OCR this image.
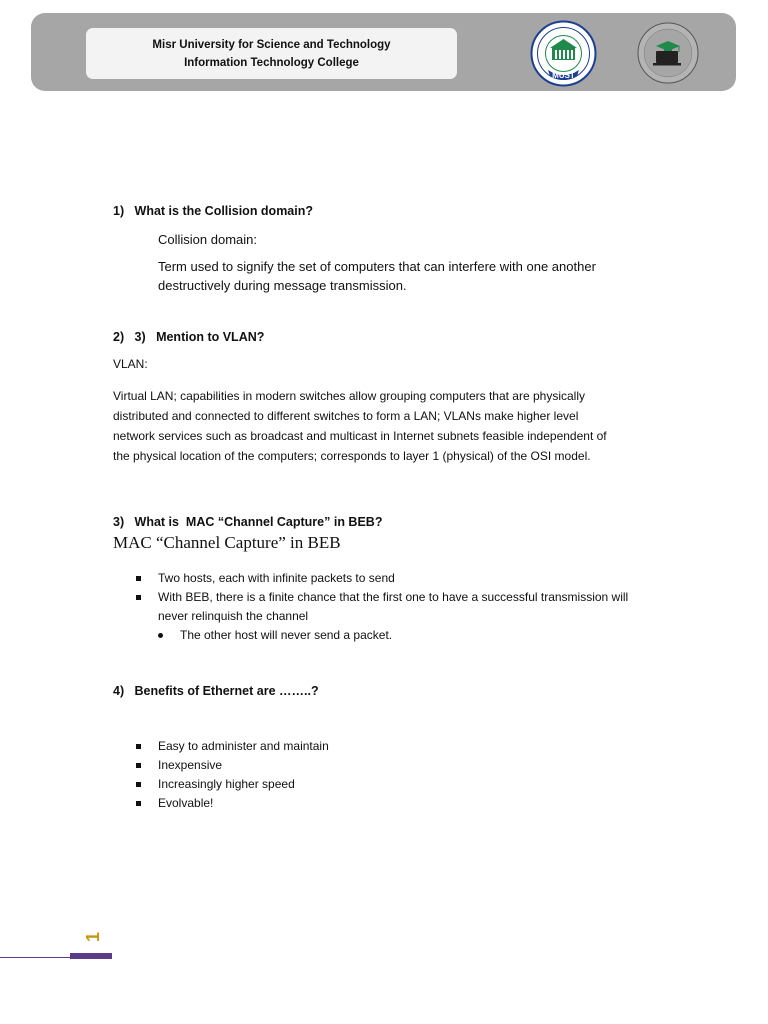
Misr University for Science and Technology
Information Technology College
MUST
1)   What is the Collision domain?
Collision domain:
Term used to signify the set of computers that can interfere with one another
destructively during message transmission.
2)   3)   Mention to VLAN?
VLAN:
Virtual LAN; capabilities in modern switches allow grouping computers that are physically
distributed and connected to different switches to form a LAN; VLANs make higher level
network services such as broadcast and multicast in Internet subnets feasible independent of
the physical location of the computers; corresponds to layer 1 (physical) of the OSI model.
3)   What is  MAC “Channel Capture” in BEB?
MAC “Channel Capture” in BEB
Two hosts, each with infinite packets to send
With BEB, there is a finite chance that the first one to have a successful transmission will
never relinquish the channel
The other host will never send a packet.
4)   Benefits of Ethernet are ……..?
Easy to administer and maintain
Inexpensive
Increasingly higher speed
Evolvable!
1
